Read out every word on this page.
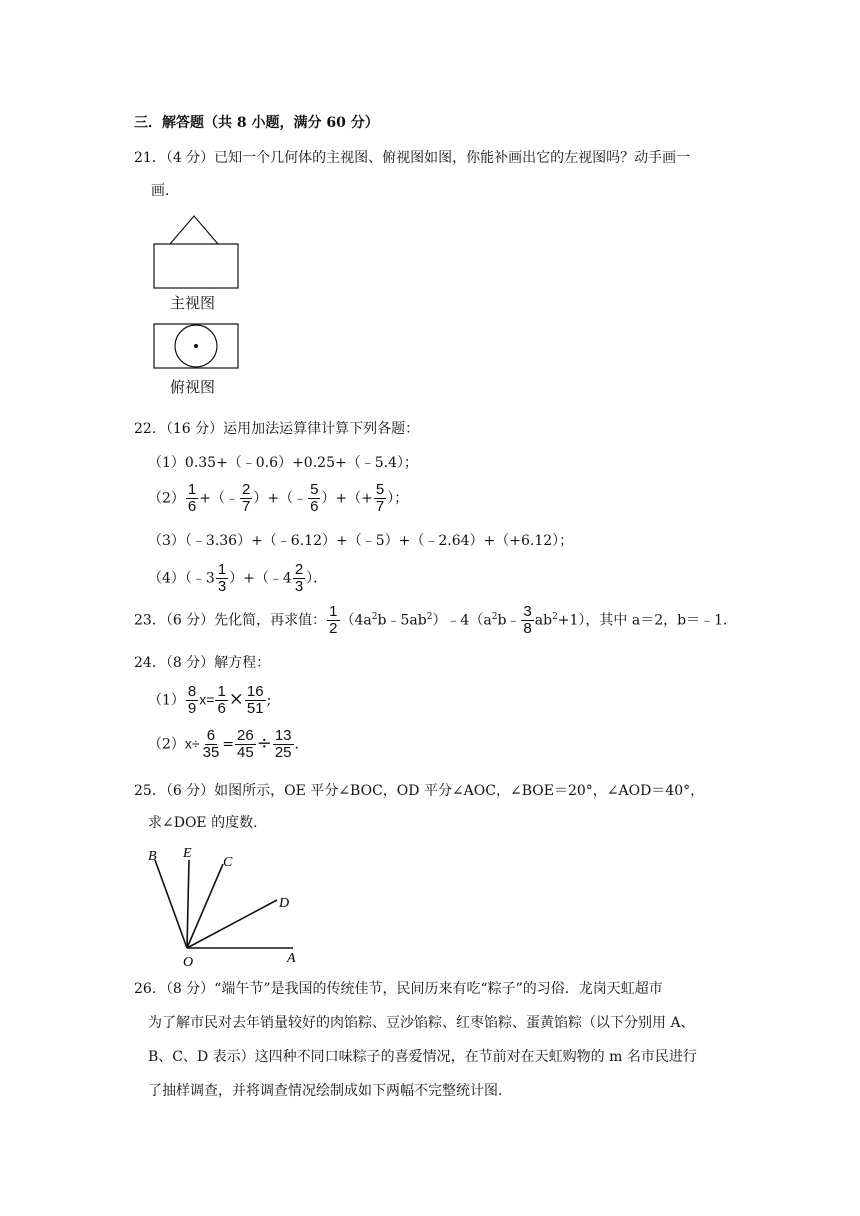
三．解答题（共 8 小题，满分 60 分）
21．（4 分）已知一个几何体的主视图、俯视图如图，你能补画出它的左视图吗？动手画一
画．
主视图
俯视图
22．（16 分）运用加法运算律计算下列各题：
（1）0.35+（﹣0.6）+0.25+（﹣5.4）；
$(2) \frac{1}{6}$ +（﹣ $\frac{2}{7}$ ）+（﹣ $\frac{5}{6}$ ）+（+ $\frac{5}{7}$ ）；
（3）（﹣3.36）+（﹣6.12）+（﹣5）+（﹣2.64）+（+6.12）；
（4）（﹣3 $\frac{1}{3}$ ）+（﹣4 $\frac{2}{3}$ ）．
23．（6 分）先化简，再求值： $\frac{1}{2}$ $(4a^2b﹣5ab^2)﹣4(a^2b﹣ \frac{3}{8} ab^2+1)$，其中 a＝2，b＝﹣1．
24．（8 分）解方程：
$(1) \frac{8}{9} x= \frac{1}{6} \times \frac{16}{51}$ ;
$(2)x\div \frac{6}{35} = \frac{26}{45} \div \frac{13}{25}$ .
25．（6 分）如图所示，OE 平分∠BOC，OD 平分∠AOC，∠BOE＝20°，∠AOD＝40°，
求∠DOE 的度数．
B E
C
D
O	A
26．（8 分）“端午节”是我国的传统佳节，民间历来有吃“粽子”的习俗．龙岗天虹超市
为了解市民对去年销量较好的肉馅粽、豆沙馅粽、红枣馅粽、蛋黄馅粽（以下分别用 A、
B、C、D 表示）这四种不同口味粽子的喜爱情况，在节前对在天虹购物的 m 名市民进行
了抽样调查，并将调查情况绘制成如下两幅不完整统计图．
